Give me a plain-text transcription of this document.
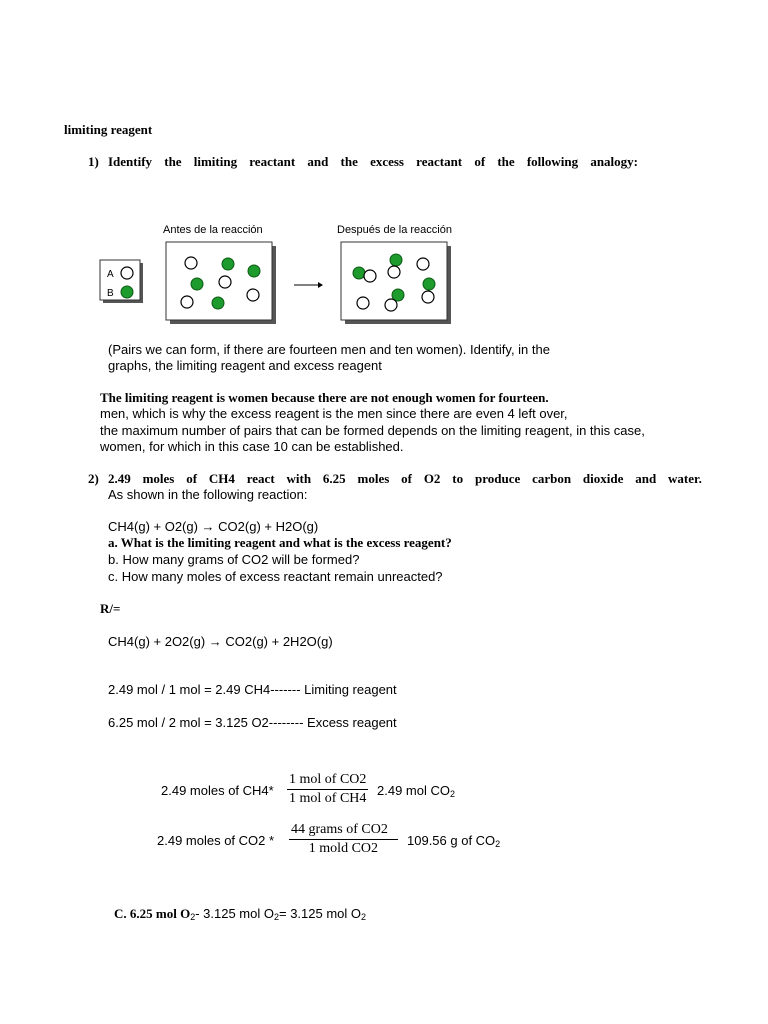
limiting reagent
1) Identify the limiting reactant and the excess reactant of the following analogy:
Antes de la reacción	Después de la reacción
A
B
(Pairs we can form, if there are fourteen men and ten women). Identify, in the
graphs, the limiting reagent and excess reagent
The limiting reagent is women because there are not enough women for fourteen.
men, which is why the excess reagent is the men since there are even 4 left over,
the maximum number of pairs that can be formed depends on the limiting reagent, in this case,
women, for which in this case 10 can be established.
2) 2.49 moles of CH4 react with 6.25 moles of O2 to produce carbon dioxide and water.
As shown in the following reaction:
CH4(g) + O2(g) → CO2(g) + H2O(g)
a. What is the limiting reagent and what is the excess reagent?
b. How many grams of CO2 will be formed?
c. How many moles of excess reactant remain unreacted?
R/=
CH4(g) + 2O2(g) → CO2(g) + 2H2O(g)
2.49 mol / 1 mol = 2.49 CH4------- Limiting reagent
6.25 mol / 2 mol = 3.125 O2-------- Excess reagent
2.49 moles of CH4*
1 mol of CO2
1 mol of CH4
2.49 mol $CO_2$
2.49 moles of CO2 *
44 grams of CO2
1 mold CO2
109.56 g of $CO_2$
C. 6.25 mol $O_2-$ 3.125 mol $O_2= 3.125$ mol $O_2$
